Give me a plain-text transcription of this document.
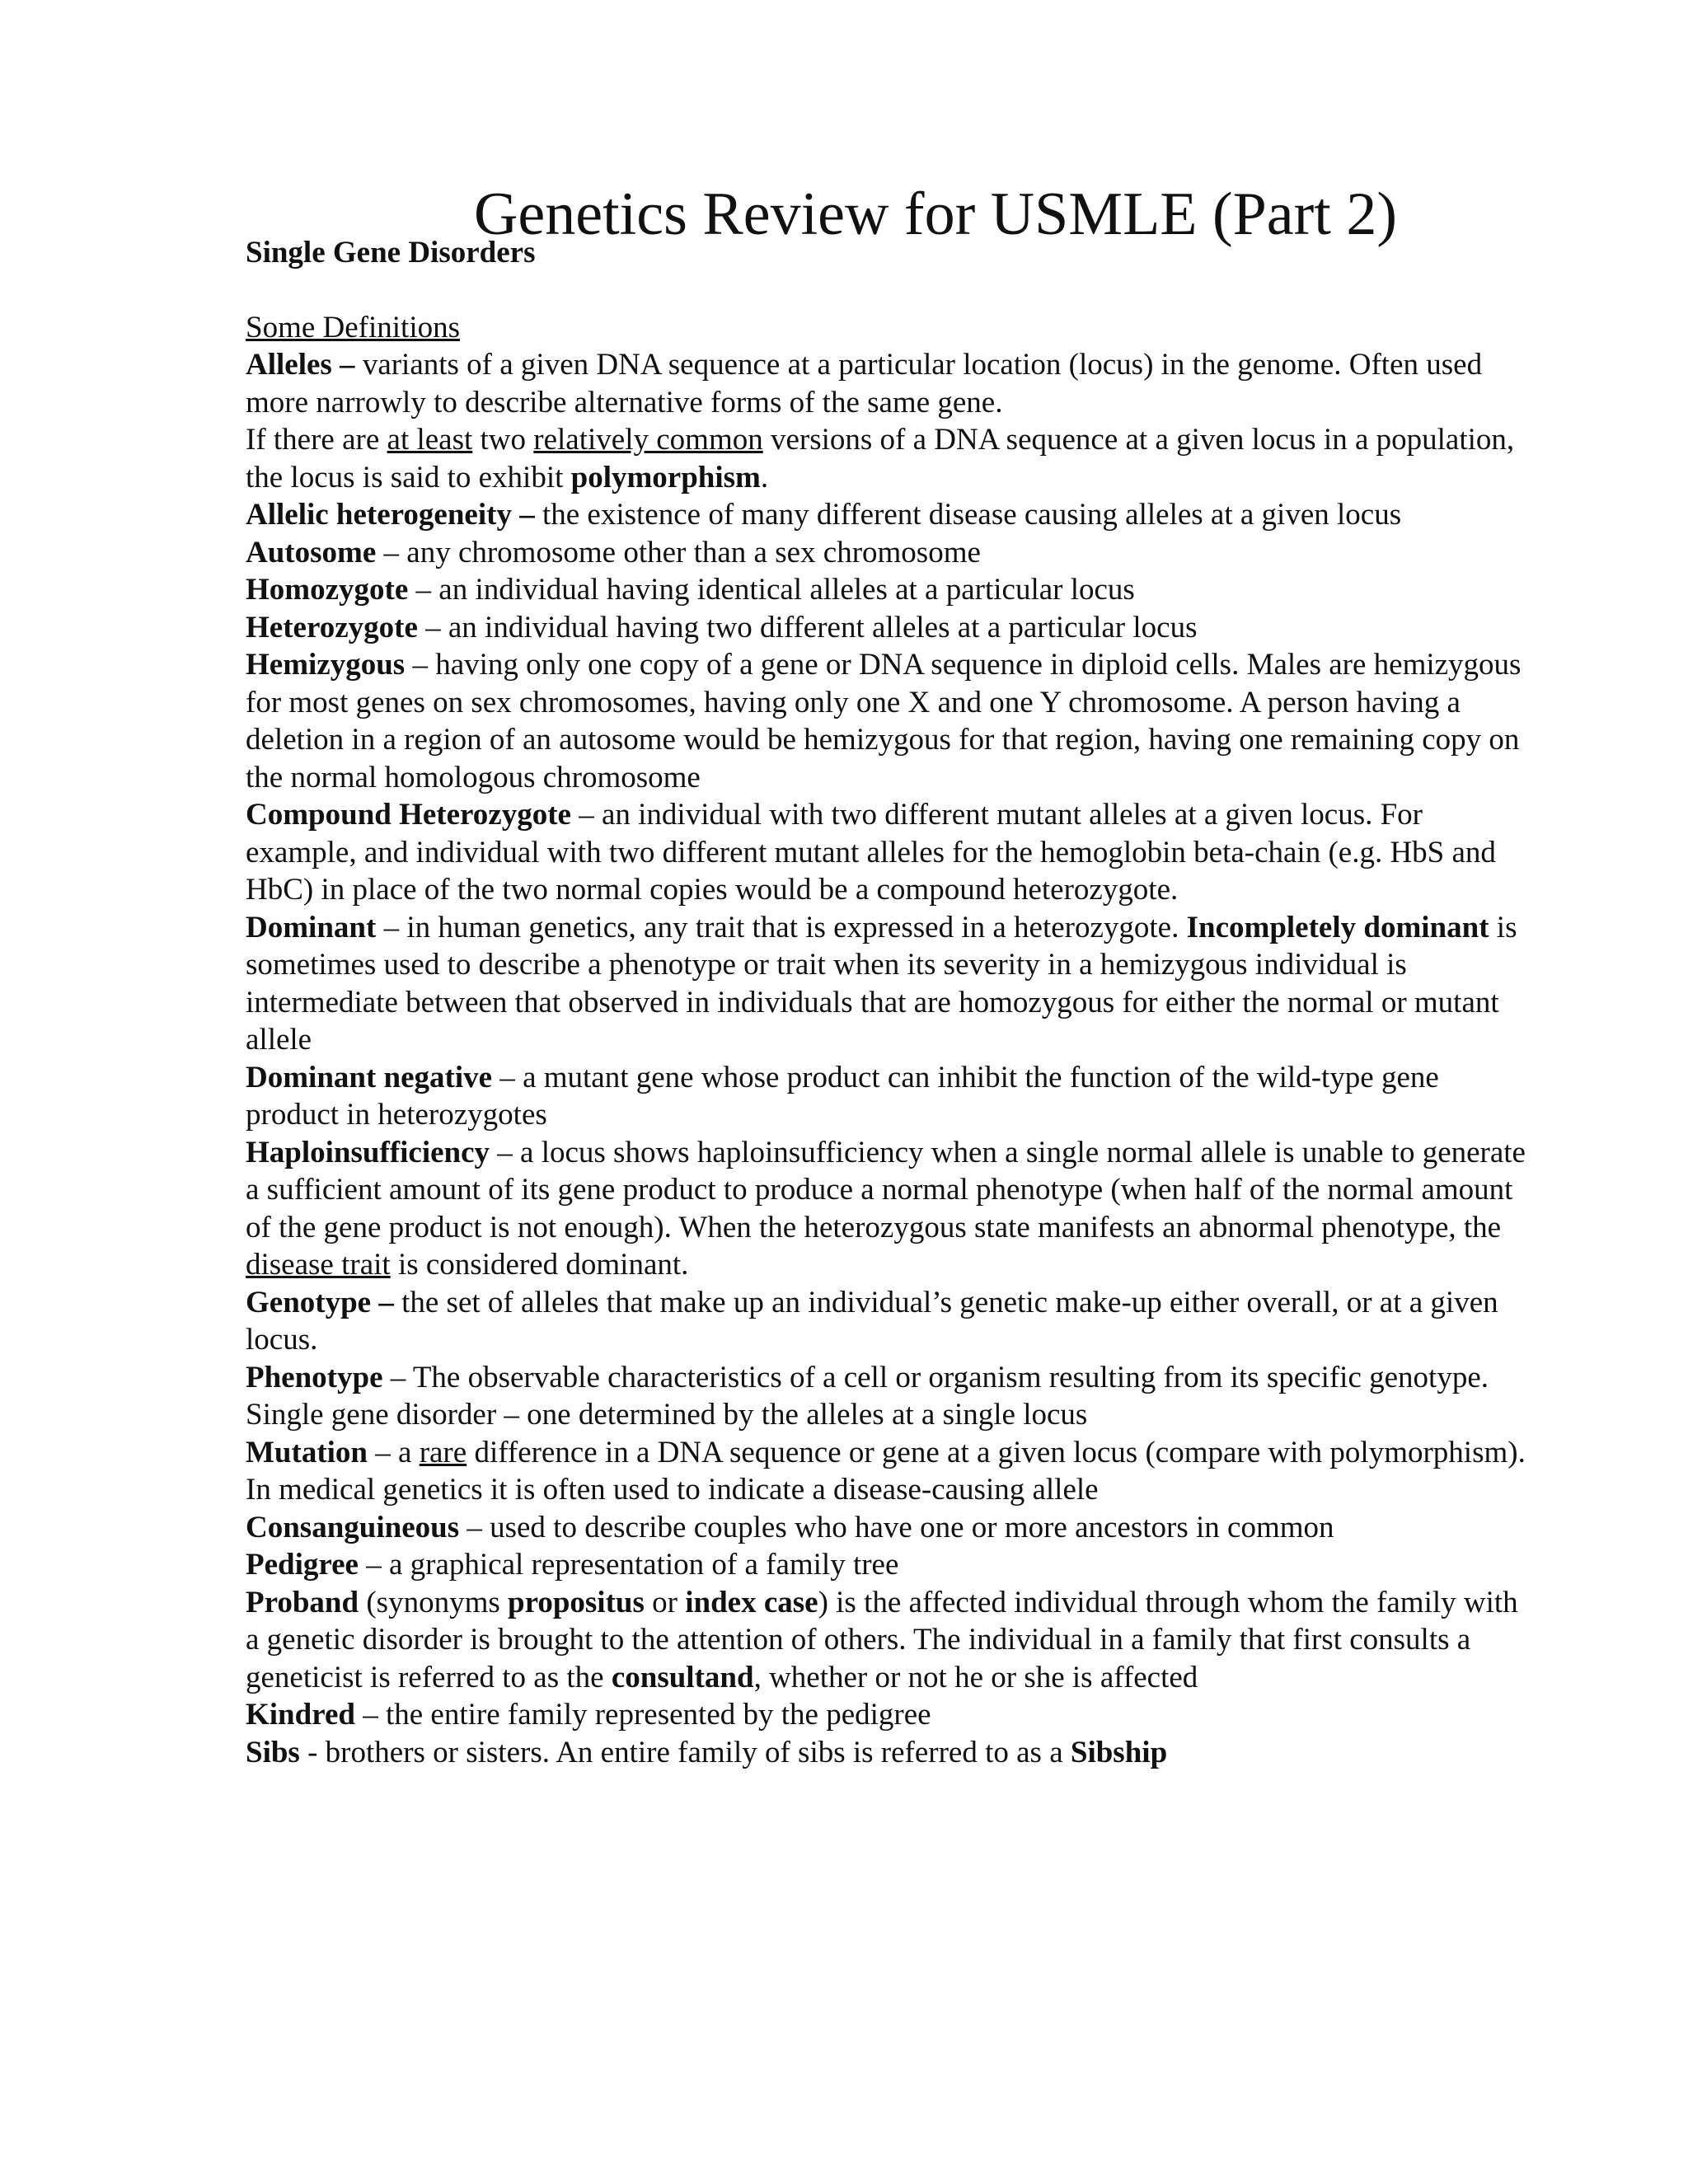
Genetics Review for USMLE (Part 2)
Single Gene Disorders
Some Definitions

Alleles – variants of a given DNA sequence at a particular location (locus) in the genome. Often used more narrowly to describe alternative forms of the same gene.

If there are at least two relatively common versions of a DNA sequence at a given locus in a population, the locus is said to exhibit polymorphism.

Allelic heterogeneity – the existence of many different disease causing alleles at a given locus

Autosome – any chromosome other than a sex chromosome

Homozygote – an individual having identical alleles at a particular locus

Heterozygote – an individual having two different alleles at a particular locus

Hemizygous – having only one copy of a gene or DNA sequence in diploid cells. Males are hemizygous for most genes on sex chromosomes, having only one X and one Y chromosome. A person having a deletion in a region of an autosome would be hemizygous for that region, having one remaining copy on the normal homologous chromosome

Compound Heterozygote – an individual with two different mutant alleles at a given locus. For example, and individual with two different mutant alleles for the hemoglobin beta-chain (e.g. HbS and HbC) in place of the two normal copies would be a compound heterozygote.

Dominant – in human genetics, any trait that is expressed in a heterozygote. Incompletely dominant is sometimes used to describe a phenotype or trait when its severity in a hemizygous individual is intermediate between that observed in individuals that are homozygous for either the normal or mutant allele

Dominant negative – a mutant gene whose product can inhibit the function of the wild-type gene product in heterozygotes

Haploinsufficiency – a locus shows haploinsufficiency when a single normal allele is unable to generate a sufficient amount of its gene product to produce a normal phenotype (when half of the normal amount of the gene product is not enough). When the heterozygous state manifests an abnormal phenotype, the disease trait is considered dominant.

Genotype – the set of alleles that make up an individual’s genetic make-up either overall, or at a given locus.

Phenotype – The observable characteristics of a cell or organism resulting from its specific genotype.

Single gene disorder – one determined by the alleles at a single locus

Mutation – a rare difference in a DNA sequence or gene at a given locus (compare with polymorphism). In medical genetics it is often used to indicate a disease-causing allele

Consanguineous – used to describe couples who have one or more ancestors in common

Pedigree – a graphical representation of a family tree

Proband (synonyms propositus or index case) is the affected individual through whom the family with a genetic disorder is brought to the attention of others. The individual in a family that first consults a geneticist is referred to as the consultand, whether or not he or she is affected

Kindred – the entire family represented by the pedigree

Sibs - brothers or sisters. An entire family of sibs is referred to as a Sibship
